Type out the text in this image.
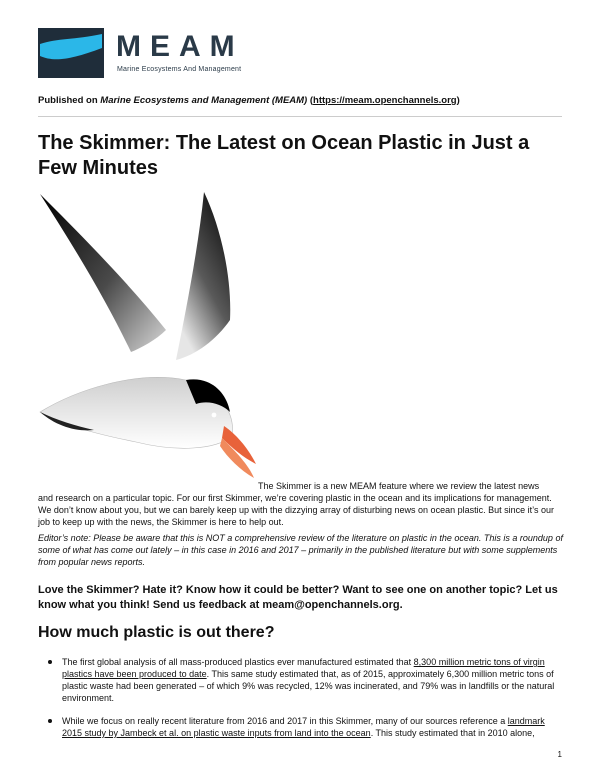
MEAM
Marine Ecosystems And Management
Published on Marine Ecosystems and Management (MEAM) (https://meam.openchannels.org)
The Skimmer: The Latest on Ocean Plastic in Just a Few Minutes
The Skimmer is a new MEAM feature where we review the latest news
and research on a particular topic. For our first Skimmer, we’re covering plastic in the ocean and its implications for management. We don’t know about you, but we can barely keep up with the dizzying array of disturbing news on ocean plastic. But since it’s our job to keep up with the news, the Skimmer is here to help out.
Editor’s note: Please be aware that this is NOT a comprehensive review of the literature on plastic in the ocean. This is a roundup of some of what has come out lately – in this case in 2016 and 2017 – primarily in the published literature but with some supplements from popular news reports.
Love the Skimmer? Hate it? Know how it could be better? Want to see one on another topic? Let us know what you think! Send us feedback at meam@openchannels.org.
How much plastic is out there?
The first global analysis of all mass-produced plastics ever manufactured estimated that 8,300 million metric tons of virgin plastics have been produced to date. This same study estimated that, as of 2015, approximately 6,300 million metric tons of plastic waste had been generated – of which 9% was recycled, 12% was incinerated, and 79% was in landfills or the natural environment.
While we focus on really recent literature from 2016 and 2017 in this Skimmer, many of our sources reference a landmark 2015 study by Jambeck et al. on plastic waste inputs from land into the ocean. This study estimated that in 2010 alone,
1
